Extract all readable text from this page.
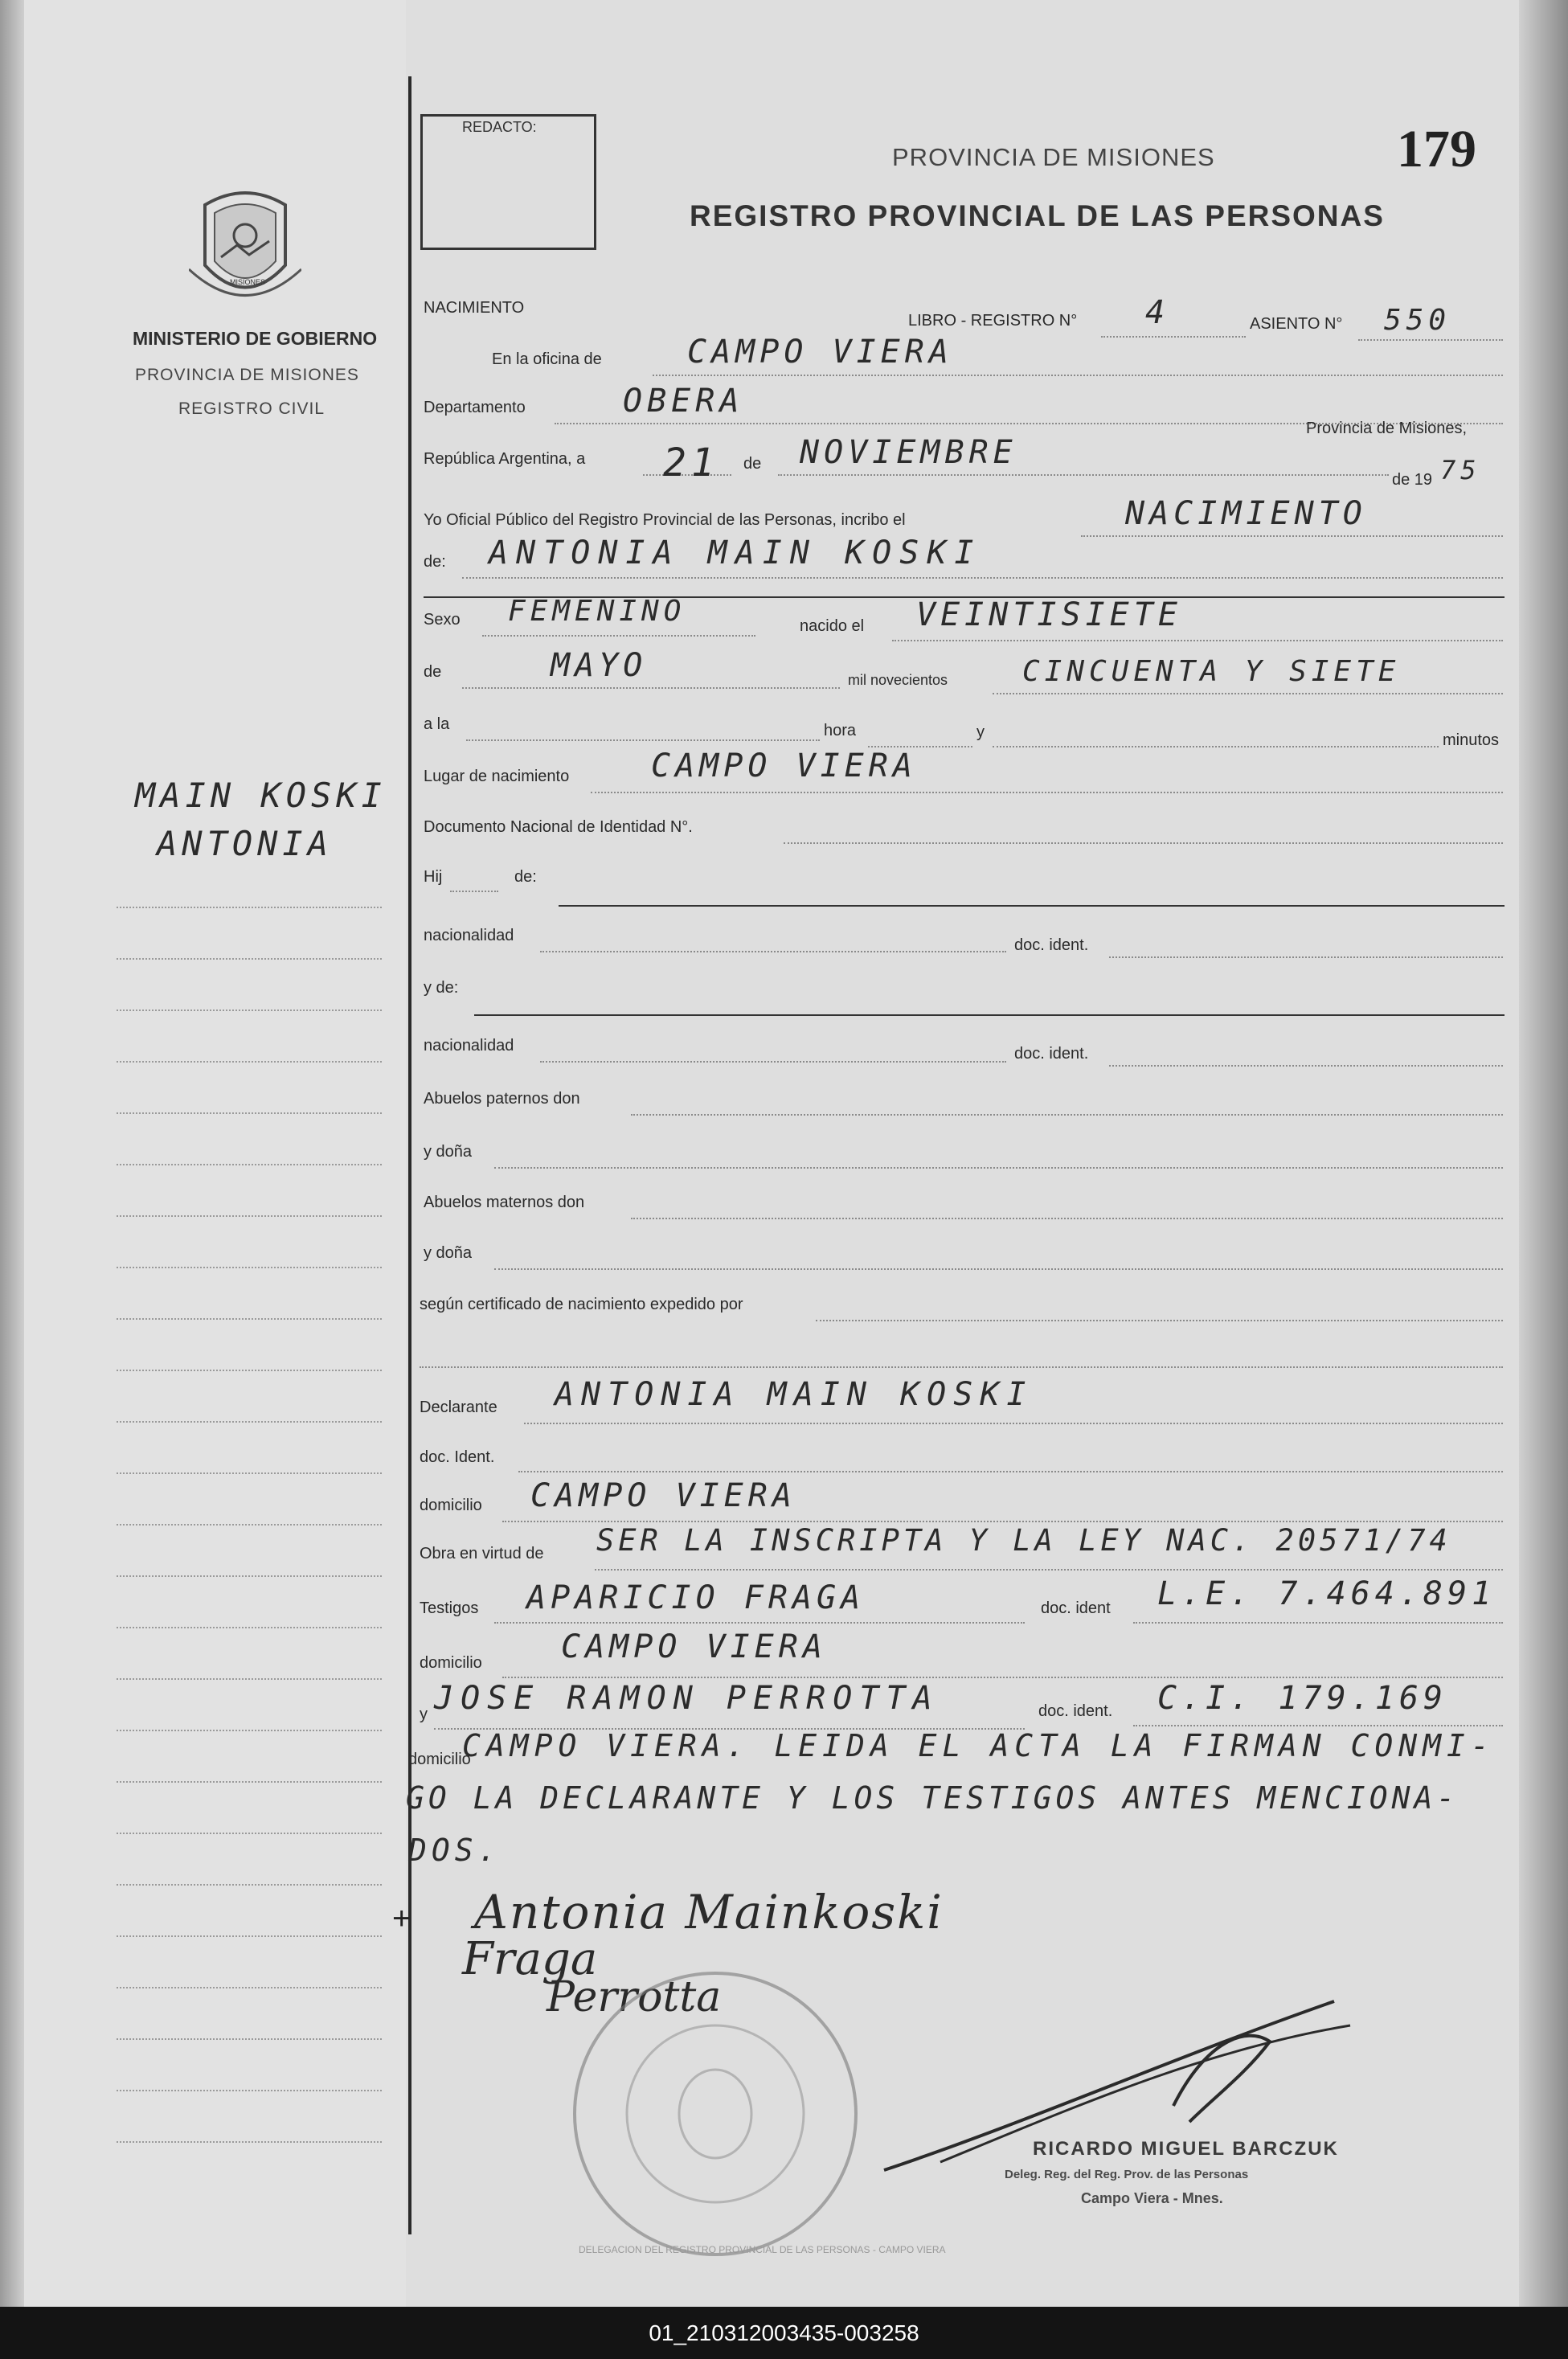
MISIONES
MINISTERIO DE GOBIERNO
PROVINCIA DE MISIONES
REGISTRO CIVIL
MAIN KOSKI
ANTONIA
REDACTO:
PROVINCIA DE MISIONES
REGISTRO PROVINCIAL DE LAS PERSONAS
179
NACIMIENTO
LIBRO - REGISTRO N° 4	ASIENTO N° 550
En la oficina de	CAMPO VIERA
Departamento	OBERA
Provincia de Misiones,
República Argentina, a 21 de NOVIEMBRE
de 19 75
Yo Oficial Público del Registro Provincial de las Personas, incribo el	NACIMIENTO
de: ANTONIA MAIN KOSKI
Sexo FEMENINO	nacido el VEINTISIETE
de	MAYO	mil novecientos	CINCUENTA Y SIETE
a la	hora	y	minutos
Lugar de nacimiento	CAMPO VIERA
Documento Nacional de Identidad N°.
Hij	de:
nacionalidad
doc. ident.
y de:
nacionalidad	doc. ident.
Abuelos paternos don
y doña
Abuelos maternos don
y doña
según certificado de nacimiento expedido por
Declarante ANTONIA MAIN KOSKI
doc. Ident.
domicilio CAMPO VIERA
Obra en virtud de SER LA INSCRIPTA Y LA LEY NAC. 20571/74
Testigos APARICIO FRAGA	doc. ident L.E. 7.464.891
domicilio CAMPO VIERA
y JOSE RAMON PERROTTA	doc. ident. C.I. 179.169
domicilio
CAMPO VIERA. LEIDA EL ACTA LA FIRMAN CONMI-
GO LA DECLARANTE Y LOS TESTIGOS ANTES MENCIONA-
DOS.
Antonia Mainkoski
Fraga
Perrotta
+
DELEGACION DEL REGISTRO PROVINCIAL DE LAS PERSONAS - CAMPO VIERA
RICARDO MIGUEL BARCZUK
Deleg. Reg. del Reg. Prov. de las Personas
Campo Viera - Mnes.
01_210312003435-003258
